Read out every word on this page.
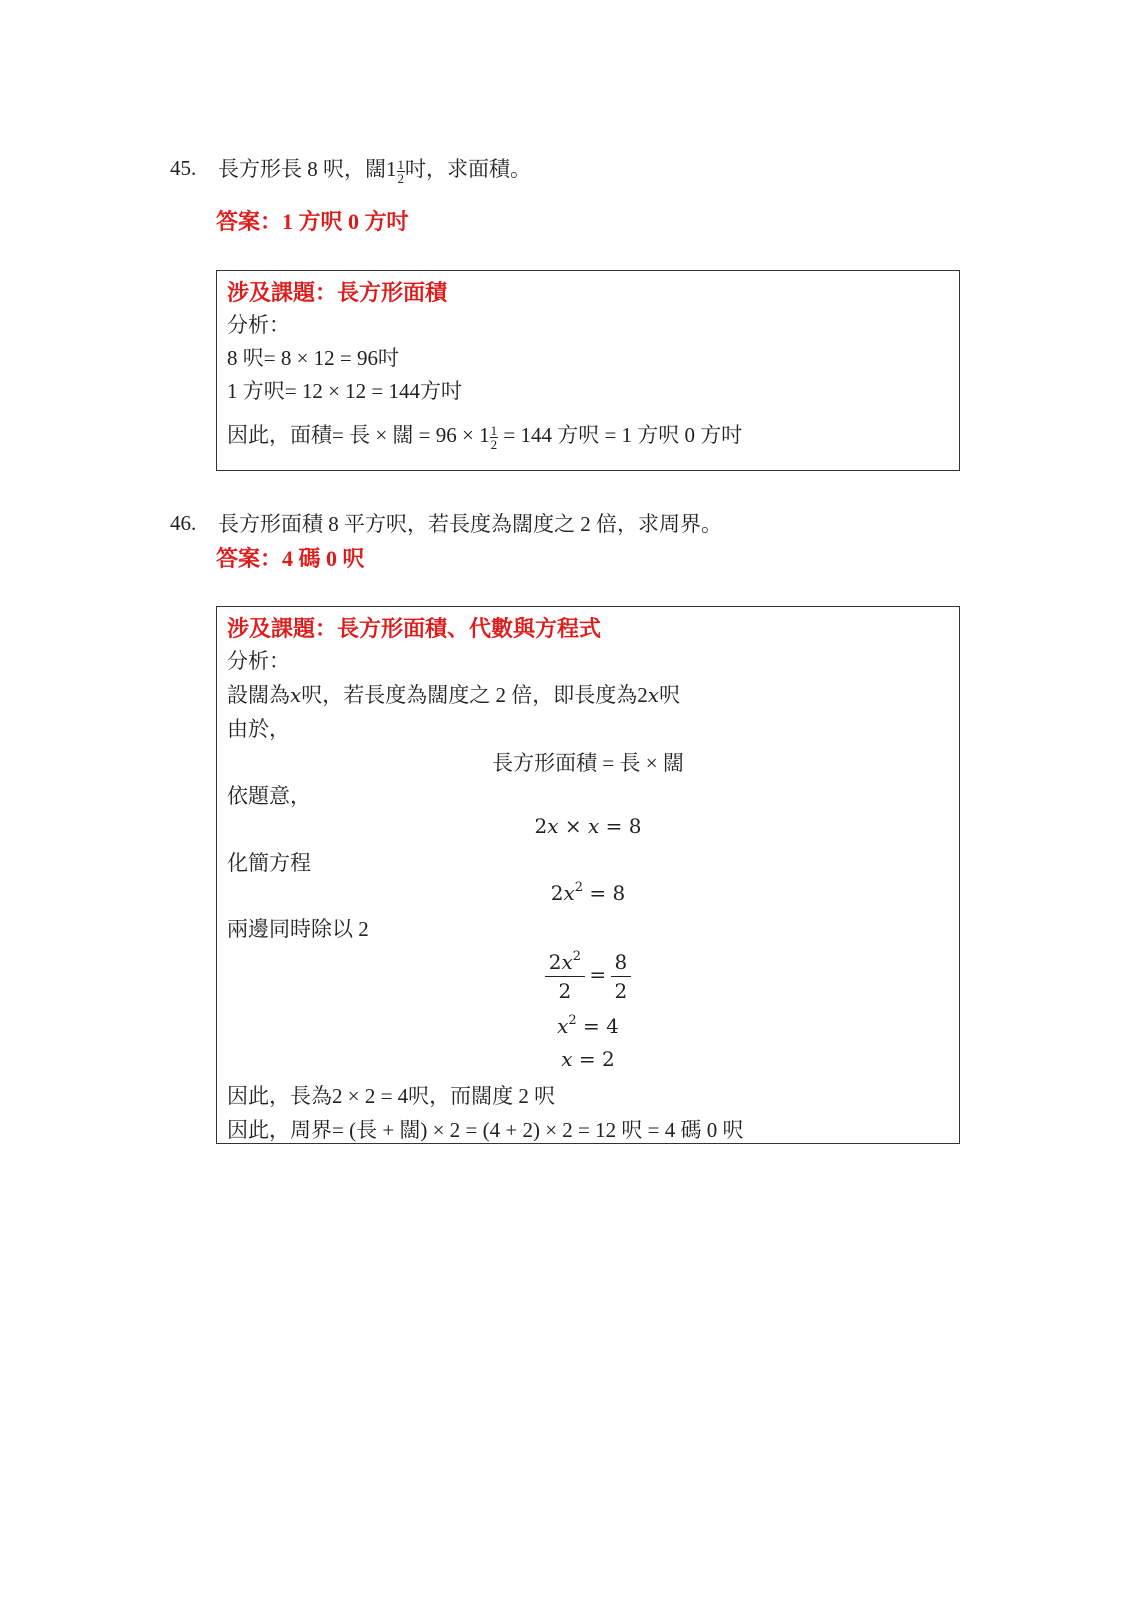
45.	長方形長 8 呎，闊$1 \frac{1}{2}$ 吋，求面積。
答案：1 方呎 0 方吋
涉及課題：長方形面積
分析：
8 呎= 8 × 12 = 96吋
1 方呎= 12 × 12 = 144方吋
因此，面積= 長 × 闊 = $96 \times 1 \frac{1}{2} = 144$ 方呎 = 1 方呎 0 方吋
46.	長方形面積 8 平方呎，若長度為闊度之 2 倍，求周界。
答案：4 碼 0 呎
涉及課題：長方形面積、代數與方程式
分析：
設闊為x呎，若長度為闊度之 2 倍，即長度為2x呎
由於，
長方形面積 = 長 × 闊
依題意，
2x × x = 8
化簡方程
$2x^2 = 8$
兩邊同時除以 2
$\frac{2x^2}{2} = \frac{8}{2}$
$x^2 = 4$
x = 2
因此，長為2 × 2 = 4呎，而闊度 2 呎
因此，周界= (長 + 闊) × 2 = (4 + 2) × 2 = 12 呎 = 4 碼 0 呎
